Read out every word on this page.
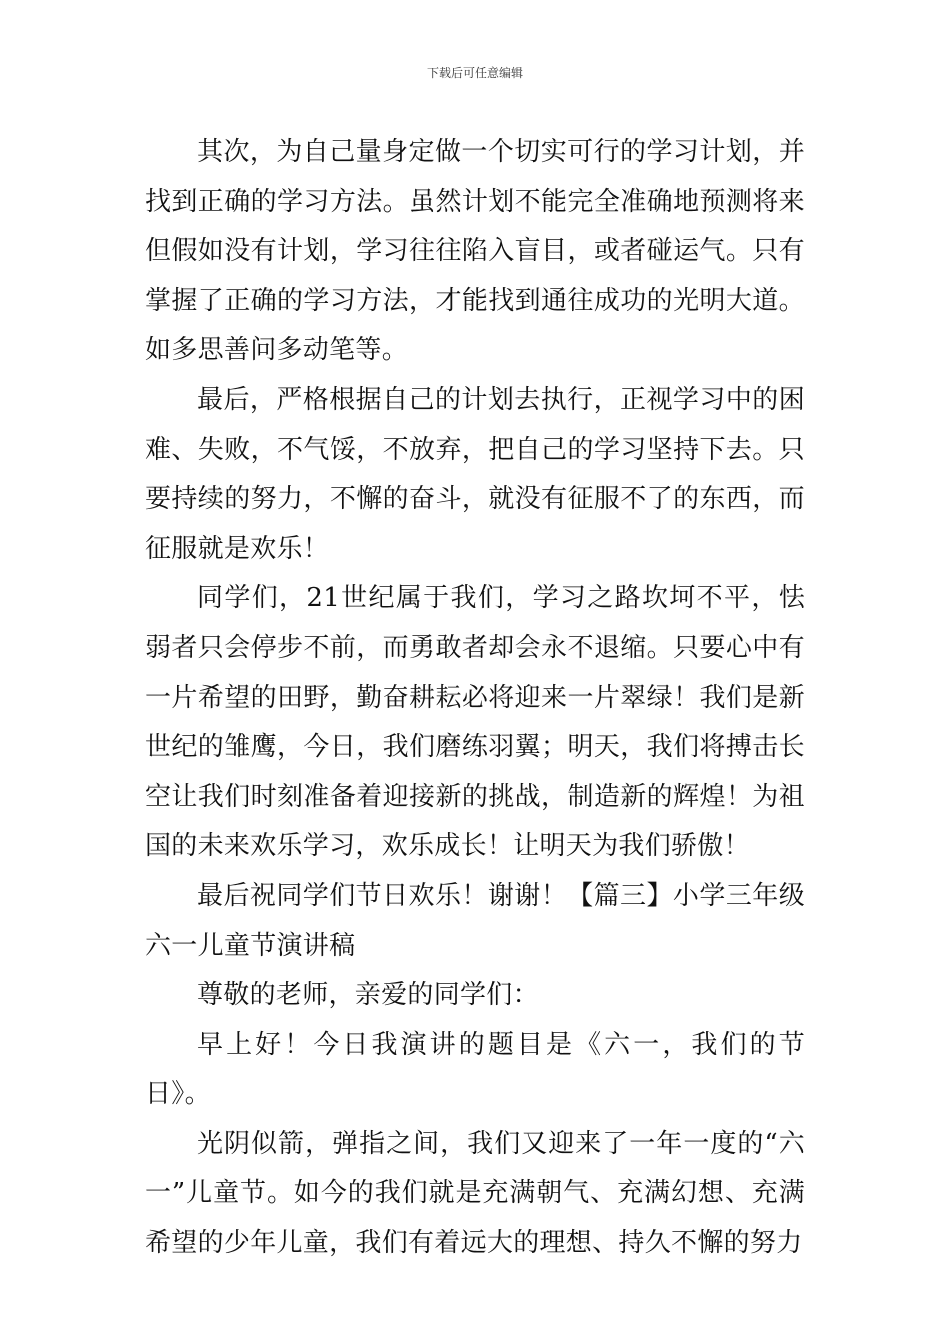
下载后可任意编辑

其次，为自己量身定做一个切实可行的学习计划，并找到正确的学习方法。虽然计划不能完全准确地预测将来但假如没有计划，学习往往陷入盲目，或者碰运气。只有掌握了正确的学习方法，才能找到通往成功的光明大道。如多思善问多动笔等。

最后，严格根据自己的计划去执行，正视学习中的困难、失败，不气馁，不放弃，把自己的学习坚持下去。只要持续的努力，不懈的奋斗，就没有征服不了的东西，而征服就是欢乐！

同学们，21世纪属于我们，学习之路坎坷不平，怯弱者只会停步不前，而勇敢者却会永不退缩。只要心中有一片希望的田野，勤奋耕耘必将迎来一片翠绿！我们是新世纪的雏鹰，今日，我们磨练羽翼；明天，我们将搏击长空让我们时刻准备着迎接新的挑战，制造新的辉煌！为祖国的未来欢乐学习，欢乐成长！让明天为我们骄傲！

最后祝同学们节日欢乐！谢谢！【篇三】小学三年级六一儿童节演讲稿

尊敬的老师，亲爱的同学们：

早上好！今日我演讲的题目是《六一，我们的节日》。

光阴似箭，弹指之间，我们又迎来了一年一度的“六一”儿童节。如今的我们就是充满朝气、充满幻想、充满希望的少年儿童，我们有着远大的理想、持久不懈的努力
